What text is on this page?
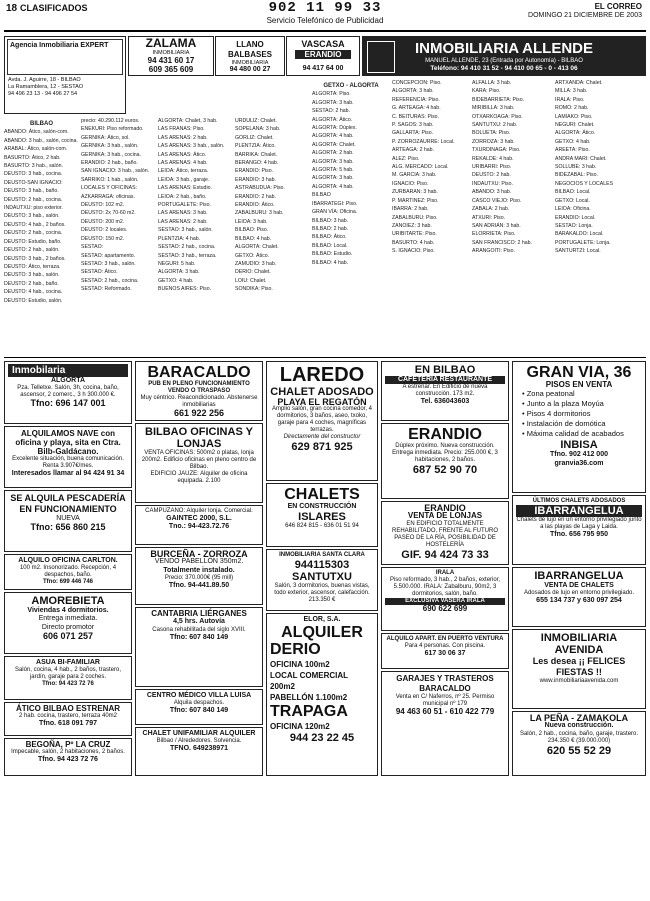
18 CLASIFICADOS	902 11 99 33
Servicio Telefónico de Publicidad
EL CORREO
DOMINGO 21 DICIEMBRE DE 2003
Agencia Inmobiliaria EXPERT
Avda. J. Aguirre, 18 - BILBAO
La Ramamblera, 12 - SESTAO
94 496 23 13 - 94 496 27 54
ZALAMA
INMOBILIARIA
94 431 60 17
609 365 609
LLANO BALBASES
INMOBILIARIA
94 480 00 27
VASCASA
ERANDIO
94 417 64 00
INMOBILIARIA ALLENDE
MANUEL ALLENDE, 23 (Entrada por Autonomía) - BILBAO
Teléfono: 94 410 31 52 - 94 410 00 65 - 0 - 413 06
BILBAO
ABANDO: Ático, salón-com.
ABANDO: 3 hab., salón, cocina.
ARABAL: Ático, salón-com.
BASURTO: Ático, 2 hab.
BASURTO: 3 hab., salón.
DEUSTO: 3 hab., cocina.
DEUSTO-SAN IGNACIO:
DEUSTO: 3 hab., baño.
DEUSTO: 2 hab., cocina.
INDAUTXU: piso exterior.
DEUSTO: 3 hab., salón.
DEUSTO: 4 hab., 2 baños.
DEUSTO: 2 hab., cocina.
DEUSTO: Estudio, baño.
DEUSTO: 2 hab., salón.
DEUSTO: 3 hab., 2 baños.
DEUSTO: Ático, terraza.
DEUSTO: 3 hab., salón.
DEUSTO: 2 hab., baño.
DEUSTO: 4 hab., cocina.
DEUSTO: Estudio, salón.
precio: 40.290.112 euros.
ENEKURI: Piso reformado.
GERNIKA: Ático, sol.
GERNIKA: 3 hab., salón.
GERNIKA: 3 hab., cocina.
ERANDIO: 2 hab., baño.
SAN IGNACIO: 3 hab., salón.
SARRIKO: 1 hab., salón.
LOCALES Y OFICINAS:
AZKARRAGA: oficinas.
DEUSTO: 102 m2.
DEUSTO: 2x 70-60 m2.
DEUSTO: 200 m2.
DEUSTO: 2 locales.
DEUSTO: 150 m2.
SESTAO:
SESTAO: apartamento.
SESTAO: 3 hab., salón.
SESTAO: Ático.
SESTAO: 2 hab., cocina.
SESTAO: Reformado.
ALGORTA: Chalet, 3 hab.
LAS FRANAS: Piso.
LAS ARENAS: 2 hab.
LAS ARENAS: 3 hab., salón.
LAS ARENAS: Ático.
LAS ARENAS: 4 hab.
LEIOA: Ático, terraza.
LEIOA: 3 hab., garaje.
LAS ARENAS: Estudio.
LEIOA: 2 hab., baño.
PORTUGALETE: Piso.
LAS ARENAS: 3 hab.
LAS ARENAS: 2 hab.
SESTAO: 3 hab., salón.
PLENTZIA: 4 hab.
SESTAO: 2 hab., cocina.
SESTAO: 3 hab., terraza.
NEGURI: 5 hab.
ALGORTA: 3 hab.
GETXO: 4 hab.
BUENOS AIRES: Piso.
URDULIZ: Chalet.
SOPELANA: 3 hab.
GORLIZ: Chalet.
PLENTZIA: Ático.
BARRIKA: Chalet.
BERANGO: 4 hab.
ERANDIO: Piso.
ERANDIO: 3 hab.
ASTRABUDUA: Piso.
ERANDIO: 2 hab.
ERANDIO: Ático.
ZABALBURU: 3 hab.
LEIOA: 3 hab.
BILBAO: Piso.
BILBAO: 4 hab.
ALGORTA: Chalet.
GETXO: Ático.
ZAMUDIO: 3 hab.
DERIO: Chalet.
LOIU: Chalet.
SONDIKA: Piso.
GETXO - ALGORTA
ALGORTA: Piso.
ALGORTA: 3 hab.
SESTAO: 2 hab.
ALGORTA: Ático.
ALGORTA: Dúplex.
ALGORTA: 4 hab.
ALGORTA: Chalet.
ALGORTA: 2 hab.
ALGORTA: 3 hab.
ALGORTA: 5 hab.
ALGORTA: 3 hab.
ALGORTA: 4 hab.
BILBAO
IBARRATEGI: Piso.
GRAN VÍA: Oficina.
BILBAO: 3 hab.
BILBAO: 2 hab.
BILBAO: Ático.
BILBAO: Local.
BILBAO: Estudio.
BILBAO: 4 hab.
CONCEPCIÓN: Piso.
ALGORTA: 3 hab.
REFERENCIA: Piso.
G. ARTEAGA: 4 hab.
C. BEITURAS: Piso.
P. SAGOS: 3 hab.
GALLARTA: Piso.
P. ZORROZAURRE: Local.
ARTEAGA: 2 hab.
ALEZ: Piso.
ALG. MERCADO: Local.
M. GARCIA: 3 hab.
IGNACIO: Piso.
ZURBARAN: 3 hab.
P. MARTINEZ: Piso.
IBARRA: 2 hab.
ZABALBURU: Piso.
ZANOIEZ: 3 hab.
URIBITARTE: Piso.
BASURTO: 4 hab.
S. IGNACIO: Piso.
ALFALLA: 3 hab.
KARA: Piso.
BIDEBARRIETA: Piso.
MIRIBILLA: 3 hab.
OTXARKOAGA: Piso.
SANTUTXU: 2 hab.
BOLUETA: Piso.
ZORROZA: 3 hab.
TXURDINAGA: Piso.
REKALDE: 4 hab.
URIBARRI: Piso.
DEUSTO: 2 hab.
INDAUTXU: Piso.
ABANDO: 3 hab.
CASCO VIEJO: Piso.
ZABALA: 2 hab.
ATXURI: Piso.
SAN ADRIÁN: 3 hab.
ELORRIETA: Piso.
SAN FRANCISCO: 2 hab.
ARANGOITI: Piso.
ARTXANDA: Chalet.
MILLA: 3 hab.
IRALA: Piso.
ROMO: 2 hab.
LAMIAKO: Piso.
NEGURI: Chalet.
ALGORTA: Ático.
GETXO: 4 hab.
AREETA: Piso.
ANDRA MARI: Chalet.
SOLLUBE: 3 hab.
BIDEZABAL: Piso.
NEGOCIOS Y LOCALES
BILBAO: Local.
GETXO: Local.
LEIOA: Oficina.
ERANDIO: Local.
SESTAO: Lonja.
BARAKALDO: Local.
PORTUGALETE: Lonja.
SANTURTZI: Local.
Inmobilaria
ALGORTA
Pza. Telletxe. Salón, 3h, cocina, baño, ascensor, 2 comerc., 3 h 300.000 €.
Tfno: 696 147 001
ALQUILAMOS NAVE con oficina y playa, sita en Ctra. Bilb-Galdácano.
Excelente situación, buena comunicación. Renta 3.907€/mes.
Interesados llamar al 94 424 91 34
SE ALQUILA PESCADERÍA EN FUNCIONAMIENTO
NUEVA
Tfno: 656 860 215
ALQUILO OFICINA CARLTON.
100 m2. Insonorizado. Recepción, 4 despachos, baño.
Tfno: 699 446 746
AMOREBIETA
Viviendas 4 dormitorios.
Entrega inmediata.
Directo promotor
606 071 257
ASUA BI-FAMILIAR
Salón, cocina, 4 hab., 2 baños, trastero, jardín, garaje para 2 coches.
Tfno: 94 423 72 76
ÁTICO BILBAO ESTRENAR
2 hab. cocina, trastero, terraza 40m2
Tfno. 618 091 797
BEGOÑA, Pº LA CRUZ
Impecable, salón, 2 habitaciones, 2 baños.
Tfno. 94 423 72 76
BARACALDO
PUB EN PLENO FUNCIONAMIENTO VENDO O TRASPASO
Muy céntrico. Reacondicionado. Abstenerse inmobiliarias
661 922 256
BILBAO OFICINAS Y LONJAS
VENTA OFICINAS: 500m2 o platas, lonja 200m2. Edificio oficinas en pleno centro de Bilbao.
EDIFICIO JAUZE: Alquiler de oficina equipada. 2.100
CAMPUZANO: Alquiler lonja. Comercial.
GAINTEC 2000, S.L.
Tno.: 94-423.72.76
BURCEÑA - ZORROZA
VENDO PABELLÓN 350m2.
Totalmente instalado.
Precio: 370.000€ (95 mill)
Tfno. 94-441.89.50
CANTABRIA LIÉRGANES
4,5 hrs. Autovía
Casona rehabilitada del siglo XVIII.
Tfno: 607 840 149
CENTRO MÉDICO VILLA LUISA
Alquila despachos.
Tfno: 607 840 149
CHALET UNIFAMILIAR ALQUILER
Bilbao / Alrededores. Solvencia.
TFNO. 649238971
LAREDO
CHALET ADOSADO
PLAYA EL REGATÓN
Amplio salón, gran cocina comedor, 4 dormitorios, 3 baños, aseo, txoko, garaje para 4 coches, magníficas terrazas.
Directamente del constructor
629 871 925
CHALETS
EN CONSTRUCCIÓN
ISLARES
646 824 815 - 636 01 51 94
INMOBILIARIA SANTA CLARA
944115303
SANTUTXU
Salón, 3 dormitorios, buenas vistas, todo exterior, ascensor, calefacción. 213.350 €
ELOR, S.A.
ALQUILER
DERIO
OFICINA 100m2
LOCAL COMERCIAL 200m2
PABELLÓN 1.100m2
TRAPAGA
OFICINA 120m2
944 23 22 45
EN BILBAO
CAFETERÍA RESTAURANTE
A estrenar. En Edificio de nueva construcción. 173 m2.
Tel. 636043603
ERANDIO
Dúplex próximo. Nueva construcción. Entrega inmediata. Precio: 255.000 €, 3 habitaciones, 2 baños.
687 52 90 70
ERANDIO
VENTA DE LONJAS
EN EDIFICIO TOTALMENTE REHABILITADO, FRENTE AL FUTURO PASEO DE LA RÍA, POSIBILIDAD DE HOSTELERÍA
GIF. 94 424 73 33
IRALA
Piso reformado, 3 hab., 2 baños, exterior, 5.500.000. IRALA: Zabalburu, 90m2, 3 dormitorios, salón, baño.
EXCLUSIVA VASERA IRALA
690 622 699
ALQUILO APART. EN PUERTO VENTURA
Para 4 personas. Con piscina.
617 30 06 37
GARAJES Y TRASTEROS BARACALDO
Venta en C/ Naferros, nº 25. Permiso municipal nº 179
94 463 60 51 - 610 422 779
GRAN VIA, 36
PISOS EN VENTA
• Zona peatonal
• Junto a la plaza Moyúa
• Pisos 4 dormitorios
• Instalación de domótica
• Máxima calidad de acabados
INBISA
Tfno. 902 412 000
granvia36.com
ÚLTIMOS CHALETS ADOSADOS
IBARRANGELUA
Chalets de lujo en un entorno privilegiado junto a las playas de Laga y Laida.
Tfno. 656 795 950
IBARRANGELUA
VENTA DE CHALETS
Adosados de lujo en entorno privilegiado.
655 134 737 y 630 097 254
INMOBILIARIA AVENIDA
Les desea ¡¡ FELICES FIESTAS !!
www.inmobiliariaavenida.com
LA PEÑA - ZAMAKOLA
Nueva construcción.
Salón, 2 hab., cocina, baño, garaje, trastero. 234.350 € (39.000.000)
620 55 52 29
